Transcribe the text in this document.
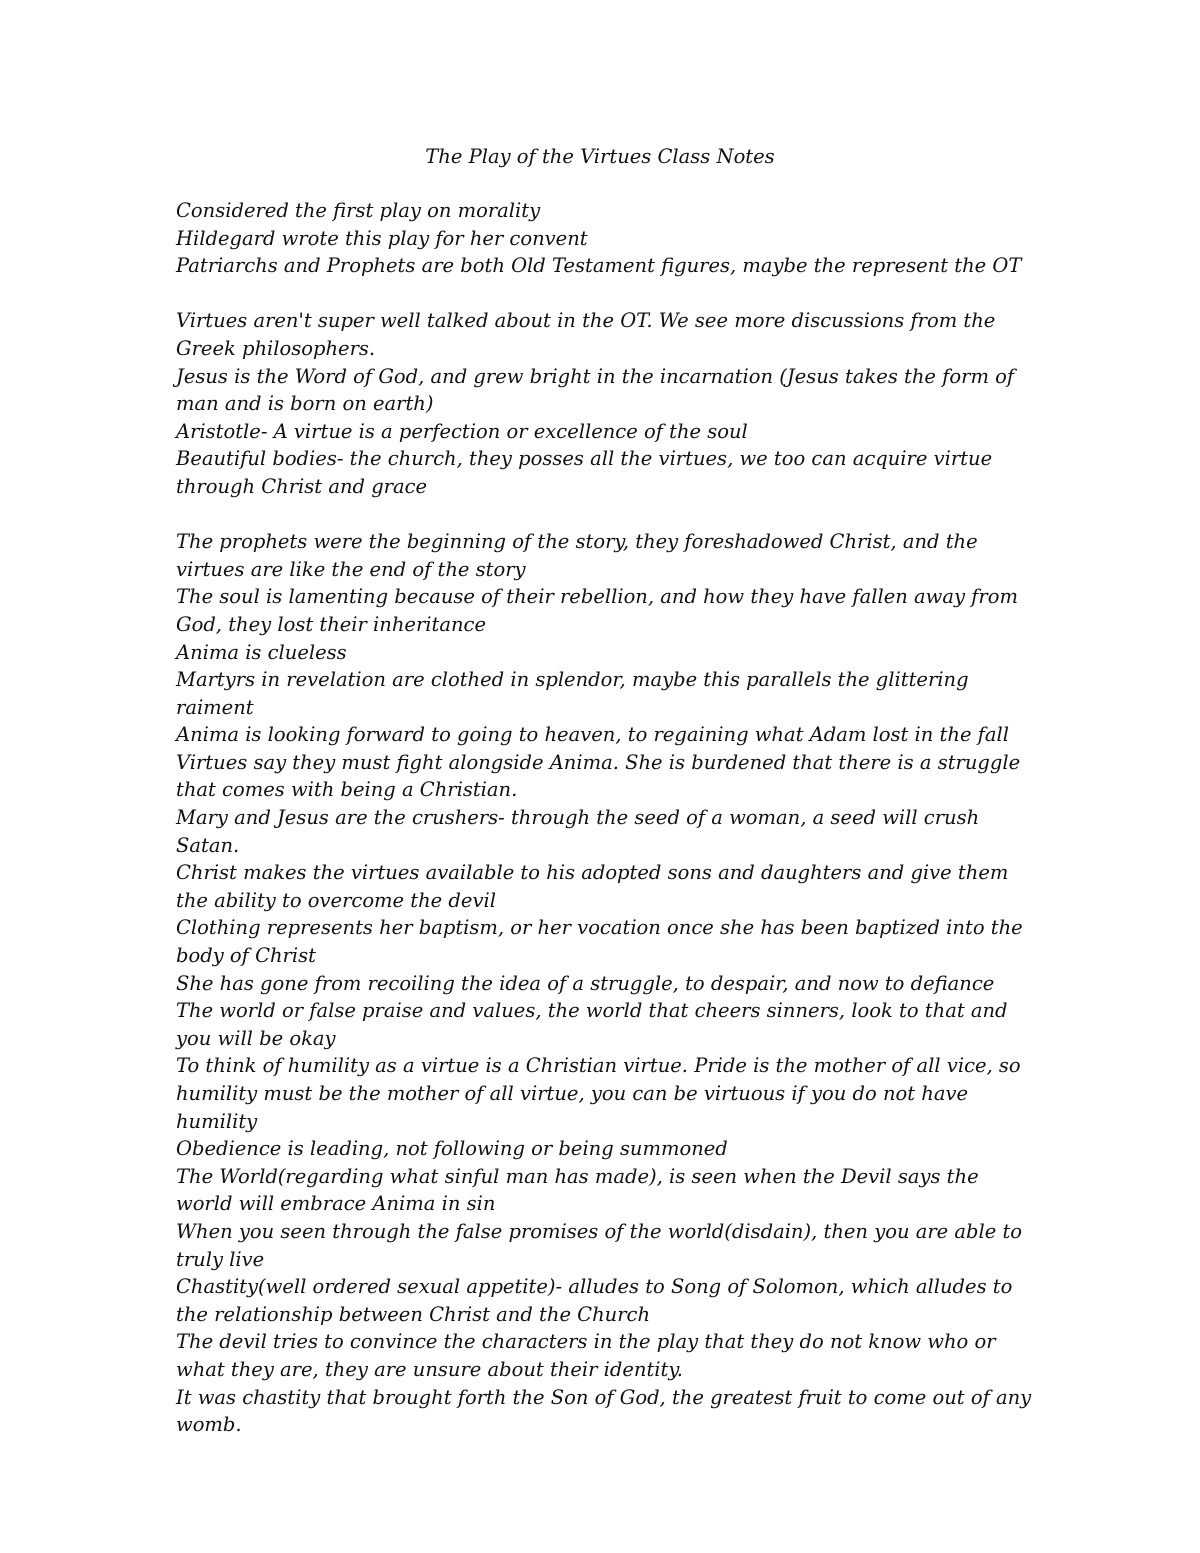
The Play of the Virtues Class Notes
Considered the first play on morality
Hildegard wrote this play for her convent
Patriarchs and Prophets are both Old Testament figures, maybe the represent the OT
Virtues aren't super well talked about in the OT. We see more discussions from the Greek philosophers.
Jesus is the Word of God, and grew bright in the incarnation (Jesus takes the form of man and is born on earth)
Aristotle- A virtue is a perfection or excellence of the soul
Beautiful bodies- the church, they posses all the virtues, we too can acquire virtue through Christ and grace
The prophets were the beginning of the story, they foreshadowed Christ, and the virtues are like the end of the story
The soul is lamenting because of their rebellion, and how they have fallen away from God, they lost their inheritance
Anima is clueless
Martyrs in revelation are clothed in splendor, maybe this parallels the glittering raiment
Anima is looking forward to going to heaven, to regaining what Adam lost in the fall
Virtues say they must fight alongside Anima. She is burdened that there is a struggle that comes with being a Christian.
Mary and Jesus are the crushers- through the seed of a woman, a seed will crush Satan.
Christ makes the virtues available to his adopted sons and daughters and give them the ability to overcome the devil
Clothing represents her baptism, or her vocation once she has been baptized into the body of Christ
She has gone from recoiling the idea of a struggle, to despair, and now to defiance
The world or false praise and values, the world that cheers sinners, look to that and you will be okay
To think of humility as a virtue is a Christian virtue. Pride is the mother of all vice, so humility must be the mother of all virtue, you can be virtuous if you do not have humility
Obedience is leading, not following or being summoned
The World(regarding what sinful man has made), is seen when the Devil says the world will embrace Anima in sin
When you seen through the false promises of the world(disdain), then you are able to truly live
Chastity(well ordered sexual appetite)- alludes to Song of Solomon, which alludes to the relationship between Christ and the Church
The devil tries to convince the characters in the play that they do not know who or what they are, they are unsure about their identity.
It was chastity that brought forth the Son of God, the greatest fruit to come out of any womb.
